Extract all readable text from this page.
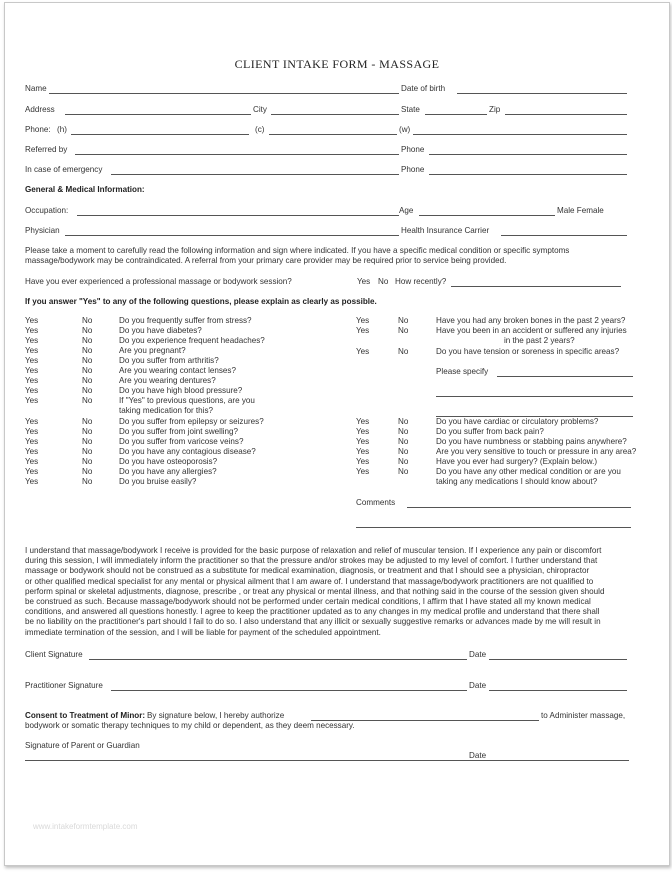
CLIENT INTAKE FORM - MASSAGE
Name	Date of birth
Address	City	State	Zip
Phone: (h)	(c)	(w)
Referred by	Phone
In case of emergency	Phone
General & Medical Information:
Occupation:	Age	Male Female
Physician	Health Insurance Carrier
Please take a moment to carefully read the following information and sign where indicated. If you have a specific medical condition or specific symptoms
massage/bodywork may be contraindicated. A referral from your primary care provider may be required prior to service being provided.
Have you ever experienced a professional massage or bodywork session?	Yes No How recently?
If you answer "Yes" to any of the following questions, please explain as clearly as possible.
Yes	No	Do you frequently suffer from stress?
Yes	No	Do you have diabetes?
Yes	No	Do you experience frequent headaches?
Yes	No	Are you pregnant?
Yes	No	Do you suffer from arthritis?
Yes	No	Are you wearing contact lenses?
Yes	No	Are you wearing dentures?
Yes	No	Do you have high blood pressure?
Yes	No	If "Yes" to previous questions, are you
taking medication for this?
Yes	No	Do you suffer from epilepsy or seizures?
Yes	No	Do you suffer from joint swelling?
Yes	No	Do you suffer from varicose veins?
Yes	No	Do you have any contagious disease?
Yes	No	Do you have osteoporosis?
Yes	No	Do you have any allergies?
Yes	No	Do you bruise easily?
Yes	No	Have you had any broken bones in the past 2 years?
Yes	No	Have you been in an accident or suffered any injuries
in the past 2 years?
Yes	No	Do you have tension or soreness in specific areas?
Please specify
Yes	No	Do you have cardiac or circulatory problems?
Yes	No	Do you suffer from back pain?
Yes	No	Do you have numbness or stabbing pains anywhere?
Yes	No	Are you very sensitive to touch or pressure in any area?
Yes	No	Have you ever had surgery? (Explain below.)
Yes	No	Do you have any other medical condition or are you
taking any medications I should know about?
Comments
I understand that massage/bodywork I receive is provided for the basic purpose of relaxation and relief of muscular tension. If I experience any pain or discomfort
during this session, I will immediately inform the practitioner so that the pressure and/or strokes may be adjusted to my level of comfort. I further understand that
massage or bodywork should not be construed as a substitute for medical examination, diagnosis, or treatment and that I should see a physician, chiropractor
or other qualified medical specialist for any mental or physical ailment that I am aware of. I understand that massage/bodywork practitioners are not qualified to
perform spinal or skeletal adjustments, diagnose, prescribe , or treat any physical or mental illness, and that nothing said in the course of the session given should
be construed as such. Because massage/bodywork should not be performed under certain medical conditions, I affirm that I have stated all my known medical
conditions, and answered all questions honestly. I agree to keep the practitioner updated as to any changes in my medical profile and understand that there shall
be no liability on the practitioner's part should I fail to do so. I also understand that any illicit or sexually suggestive remarks or advances made by me will result in
immediate termination of the session, and I will be liable for payment of the scheduled appointment.
Client Signature	Date
Practitioner Signature	Date
Consent to Treatment of Minor: By signature below, I hereby authorize	to Administer massage,
bodywork or somatic therapy techniques to my child or dependent, as they deem necessary.
Signature of Parent or Guardian
Date
www.intakeformtemplate.com
